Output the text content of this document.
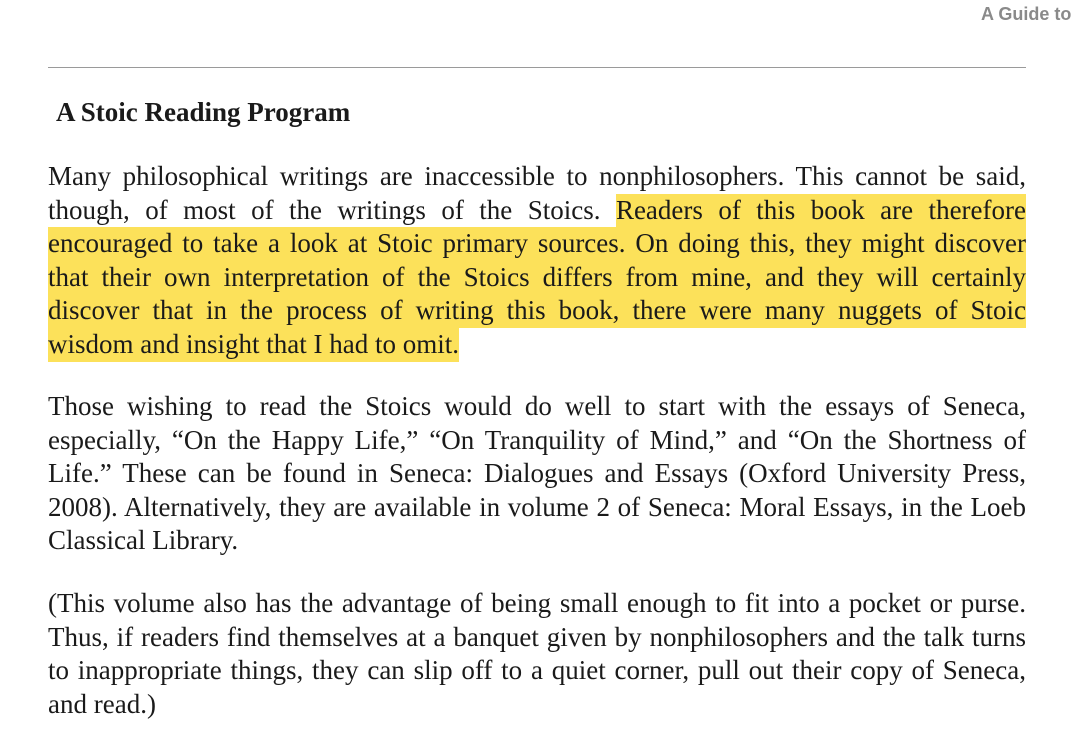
A Guide to
A Stoic Reading Program

Many philosophical writings are inaccessible to nonphilosophers. This cannot be said, though, of most of the writings of the Stoics. Readers of this book are therefore encouraged to take a look at Stoic primary sources. On doing this, they might discover that their own interpretation of the Stoics differs from mine, and they will certainly discover that in the process of writing this book, there were many nuggets of Stoic wisdom and insight that I had to omit.

Those wishing to read the Stoics would do well to start with the essays of Seneca, especially, “On the Happy Life,” “On Tranquility of Mind,” and “On the Shortness of Life.” These can be found in Seneca: Dialogues and Essays (Oxford University Press, 2008). Alternatively, they are available in volume 2 of Seneca: Moral Essays, in the Loeb Classical Library.

(This volume also has the advantage of being small enough to fit into a pocket or purse. Thus, if readers find themselves at a banquet given by nonphilosophers and the talk turns to inappropriate things, they can slip off to a quiet corner, pull out their copy of Seneca, and read.)
